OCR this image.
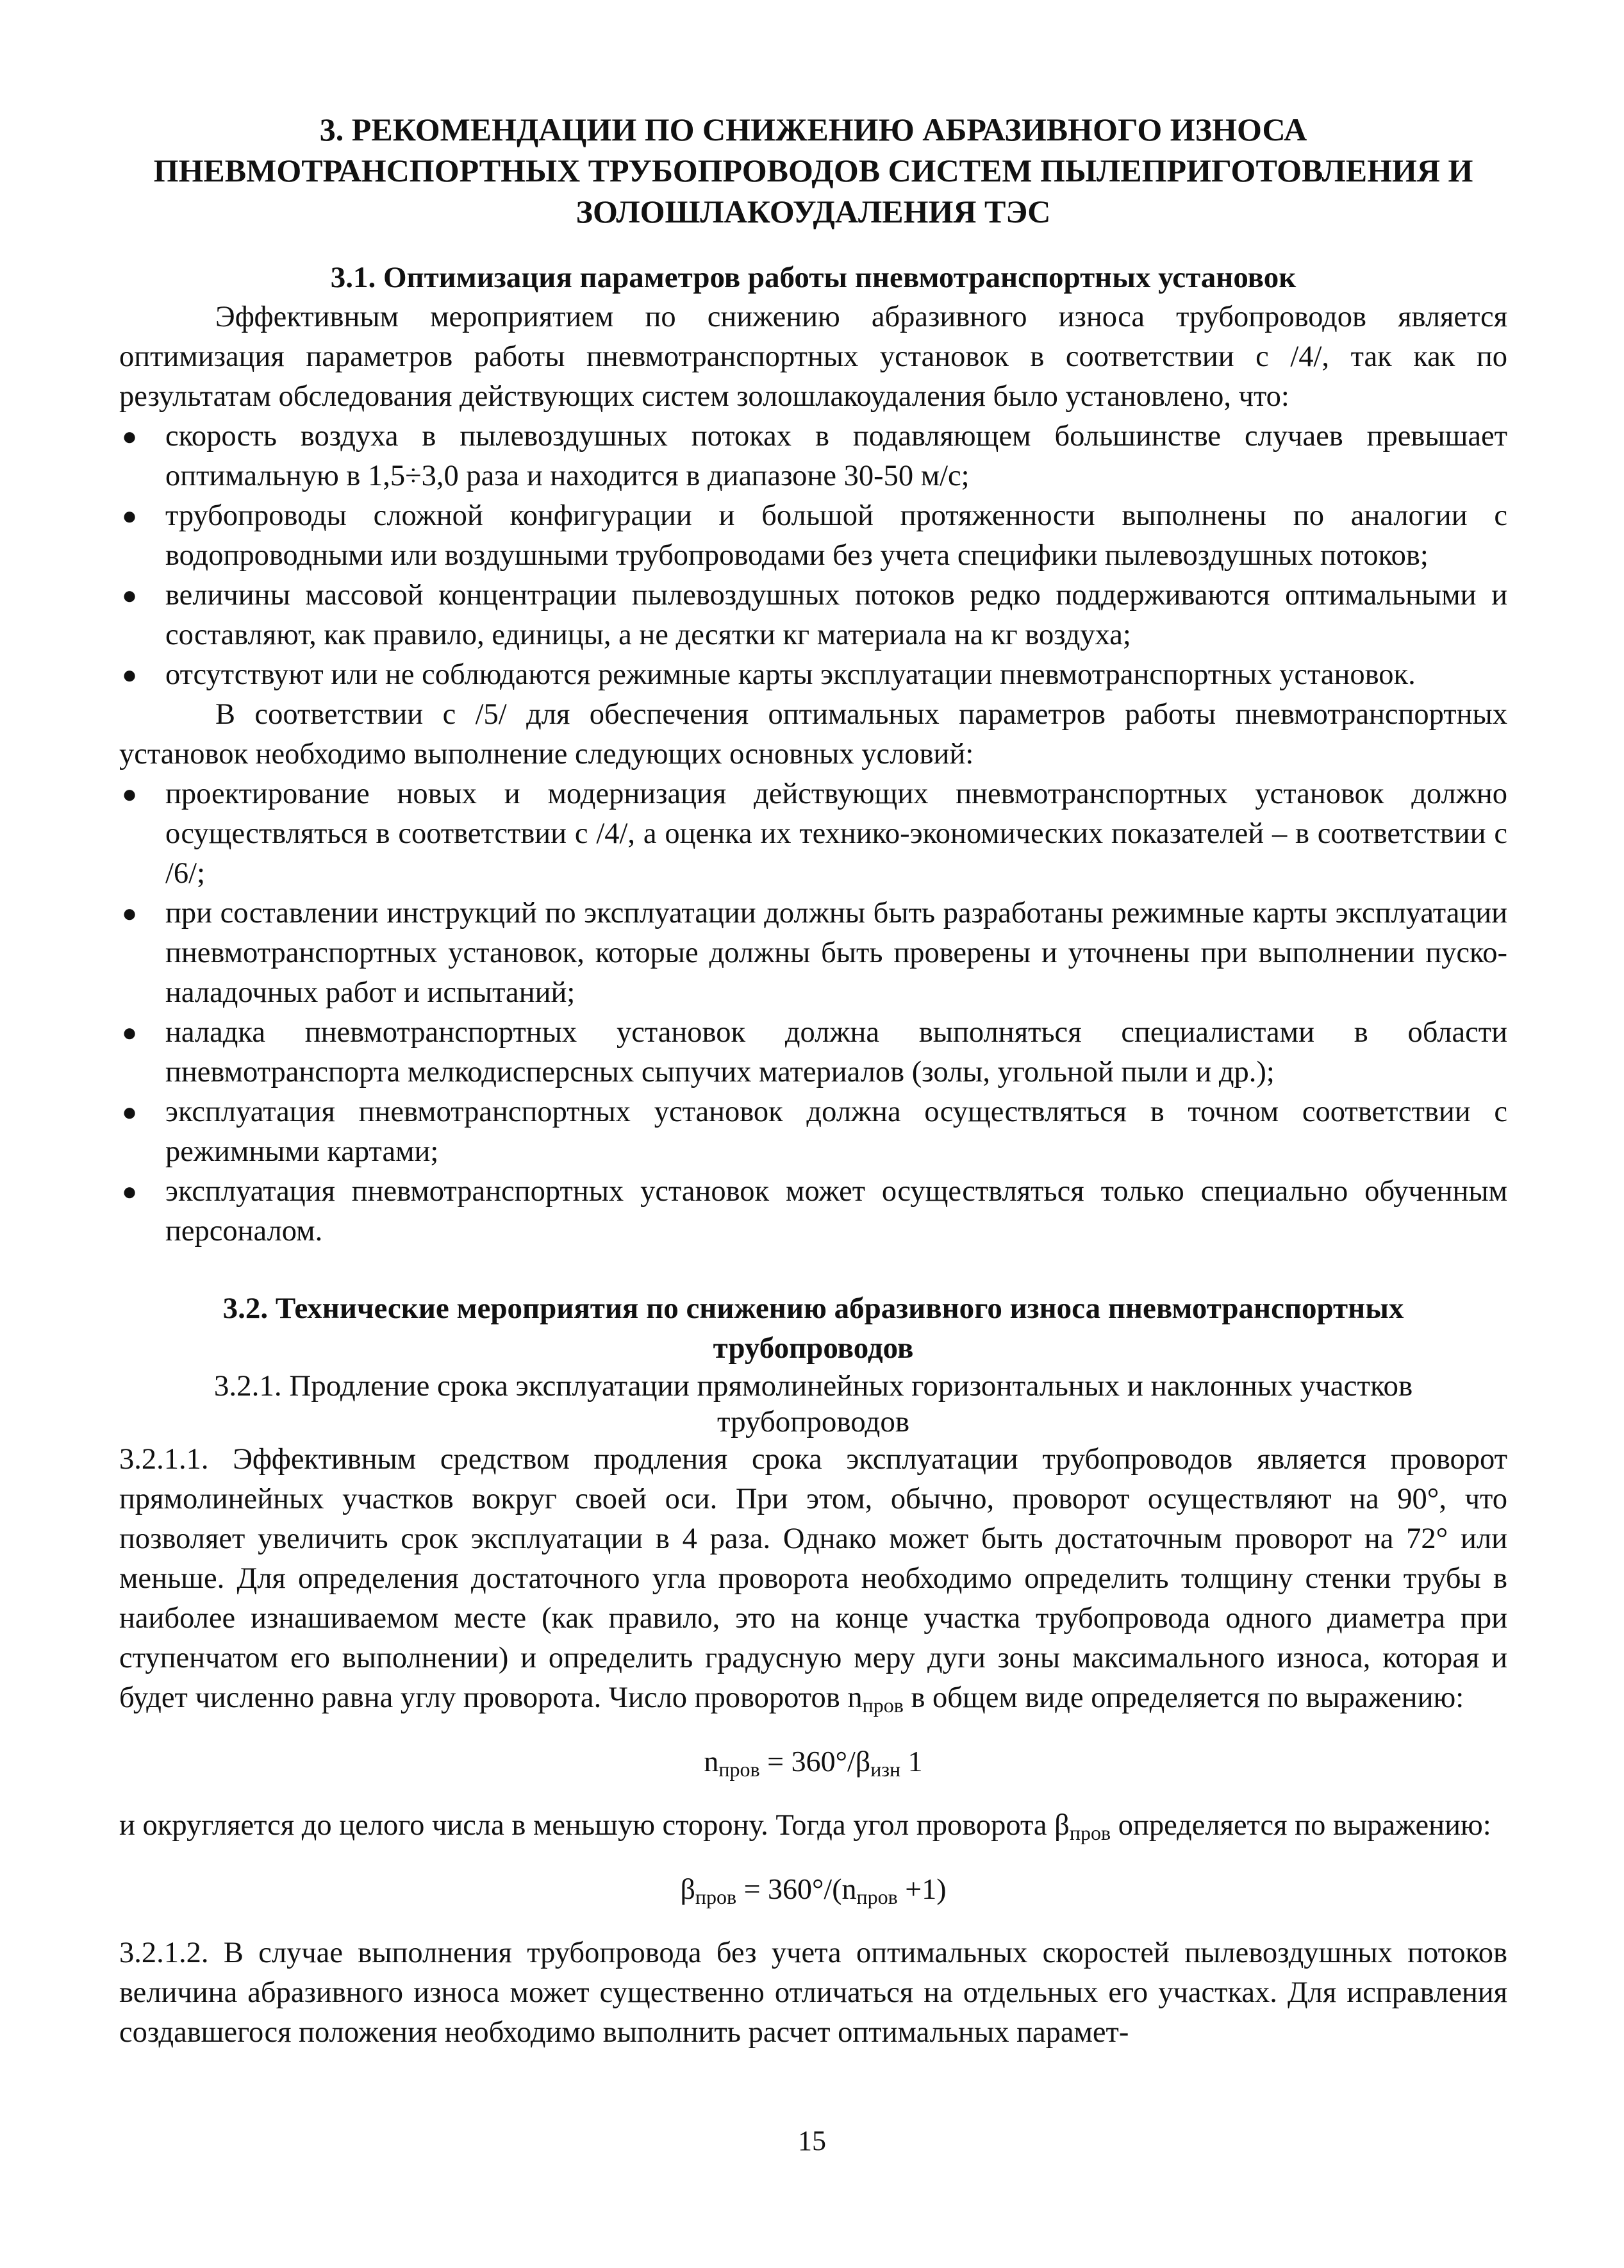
3. РЕКОМЕНДАЦИИ ПО СНИЖЕНИЮ АБРАЗИВНОГО ИЗНОСА
ПНЕВМОТРАНСПОРТНЫХ ТРУБОПРОВОДОВ СИСТЕМ ПЫЛЕПРИГОТОВЛЕНИЯ И
ЗОЛОШЛАКОУДАЛЕНИЯ ТЭС
3.1. Оптимизация параметров работы пневмотранспортных установок

Эффективным мероприятием по снижению абразивного износа трубопроводов является оптимизация параметров работы пневмотранспортных установок в соответствии с /4/, так как по результатам обследования действующих систем золошлакоудаления было установлено, что:

● скорость воздуха в пылевоздушных потоках в подавляющем большинстве случаев превышает оптимальную в 1,5÷3,0 раза и находится в диапазоне 30-50 м/с;
● трубопроводы сложной конфигурации и большой протяженности выполнены по аналогии с водопроводными или воздушными трубопроводами без учета специфики пылевоздушных потоков;
● величины массовой концентрации пылевоздушных потоков редко поддерживаются оптимальными и составляют, как правило, единицы, а не десятки кг материала на кг воздуха;
● отсутствуют или не соблюдаются режимные карты эксплуатации пневмотранспортных установок.

В соответствии с /5/ для обеспечения оптимальных параметров работы пневмотранспортных установок необходимо выполнение следующих основных условий:

● проектирование новых и модернизация действующих пневмотранспортных установок должно осуществляться в соответствии с /4/, а оценка их технико-экономических показателей – в соответствии с /6/;
● при составлении инструкций по эксплуатации должны быть разработаны режимные карты эксплуатации пневмотранспортных установок, которые должны быть проверены и уточнены при выполнении пуско-наладочных работ и испытаний;
● наладка пневмотранспортных установок должна выполняться специалистами в области пневмотранспорта мелкодисперсных сыпучих материалов (золы, угольной пыли и др.);
● эксплуатация пневмотранспортных установок должна осуществляться в точном соответствии с режимными картами;
● эксплуатация пневмотранспортных установок может осуществляться только специально обученным персоналом.
3.2. Технические мероприятия по снижению абразивного износа пневмотранспортных
трубопроводов
3.2.1. Продление срока эксплуатации прямолинейных горизонтальных и наклонных участков
трубопроводов

3.2.1.1. Эффективным средством продления срока эксплуатации трубопроводов является проворот прямолинейных участков вокруг своей оси. При этом, обычно, проворот осуществляют на 90°, что позволяет увеличить срок эксплуатации в 4 раза. Однако может быть достаточным проворот на 72° или меньше. Для определения достаточного угла проворота необходимо определить толщину стенки трубы в наиболее изнашиваемом месте (как правило, это на конце участка трубопровода одного диаметра при ступенчатом его выполнении) и определить градусную меру дуги зоны максимального износа, которая и будет численно равна углу проворота. Число проворотов $n_{пров}$ в общем виде определяется по выражению:

$n_{пров} = 360^\circ/\beta_{изн}$ 1

и округляется до целого числа в меньшую сторону. Тогда угол проворота $\beta_{пров}$ определяется по выражению:

$\beta_{пров} = 360^\circ/(n_{пров} +1)$

3.2.1.2. В случае выполнения трубопровода без учета оптимальных скоростей пылевоздушных потоков величина абразивного износа может существенно отличаться на отдельных его участках. Для исправления создавшегося положения необходимо выполнить расчет оптимальных парамет-

15
